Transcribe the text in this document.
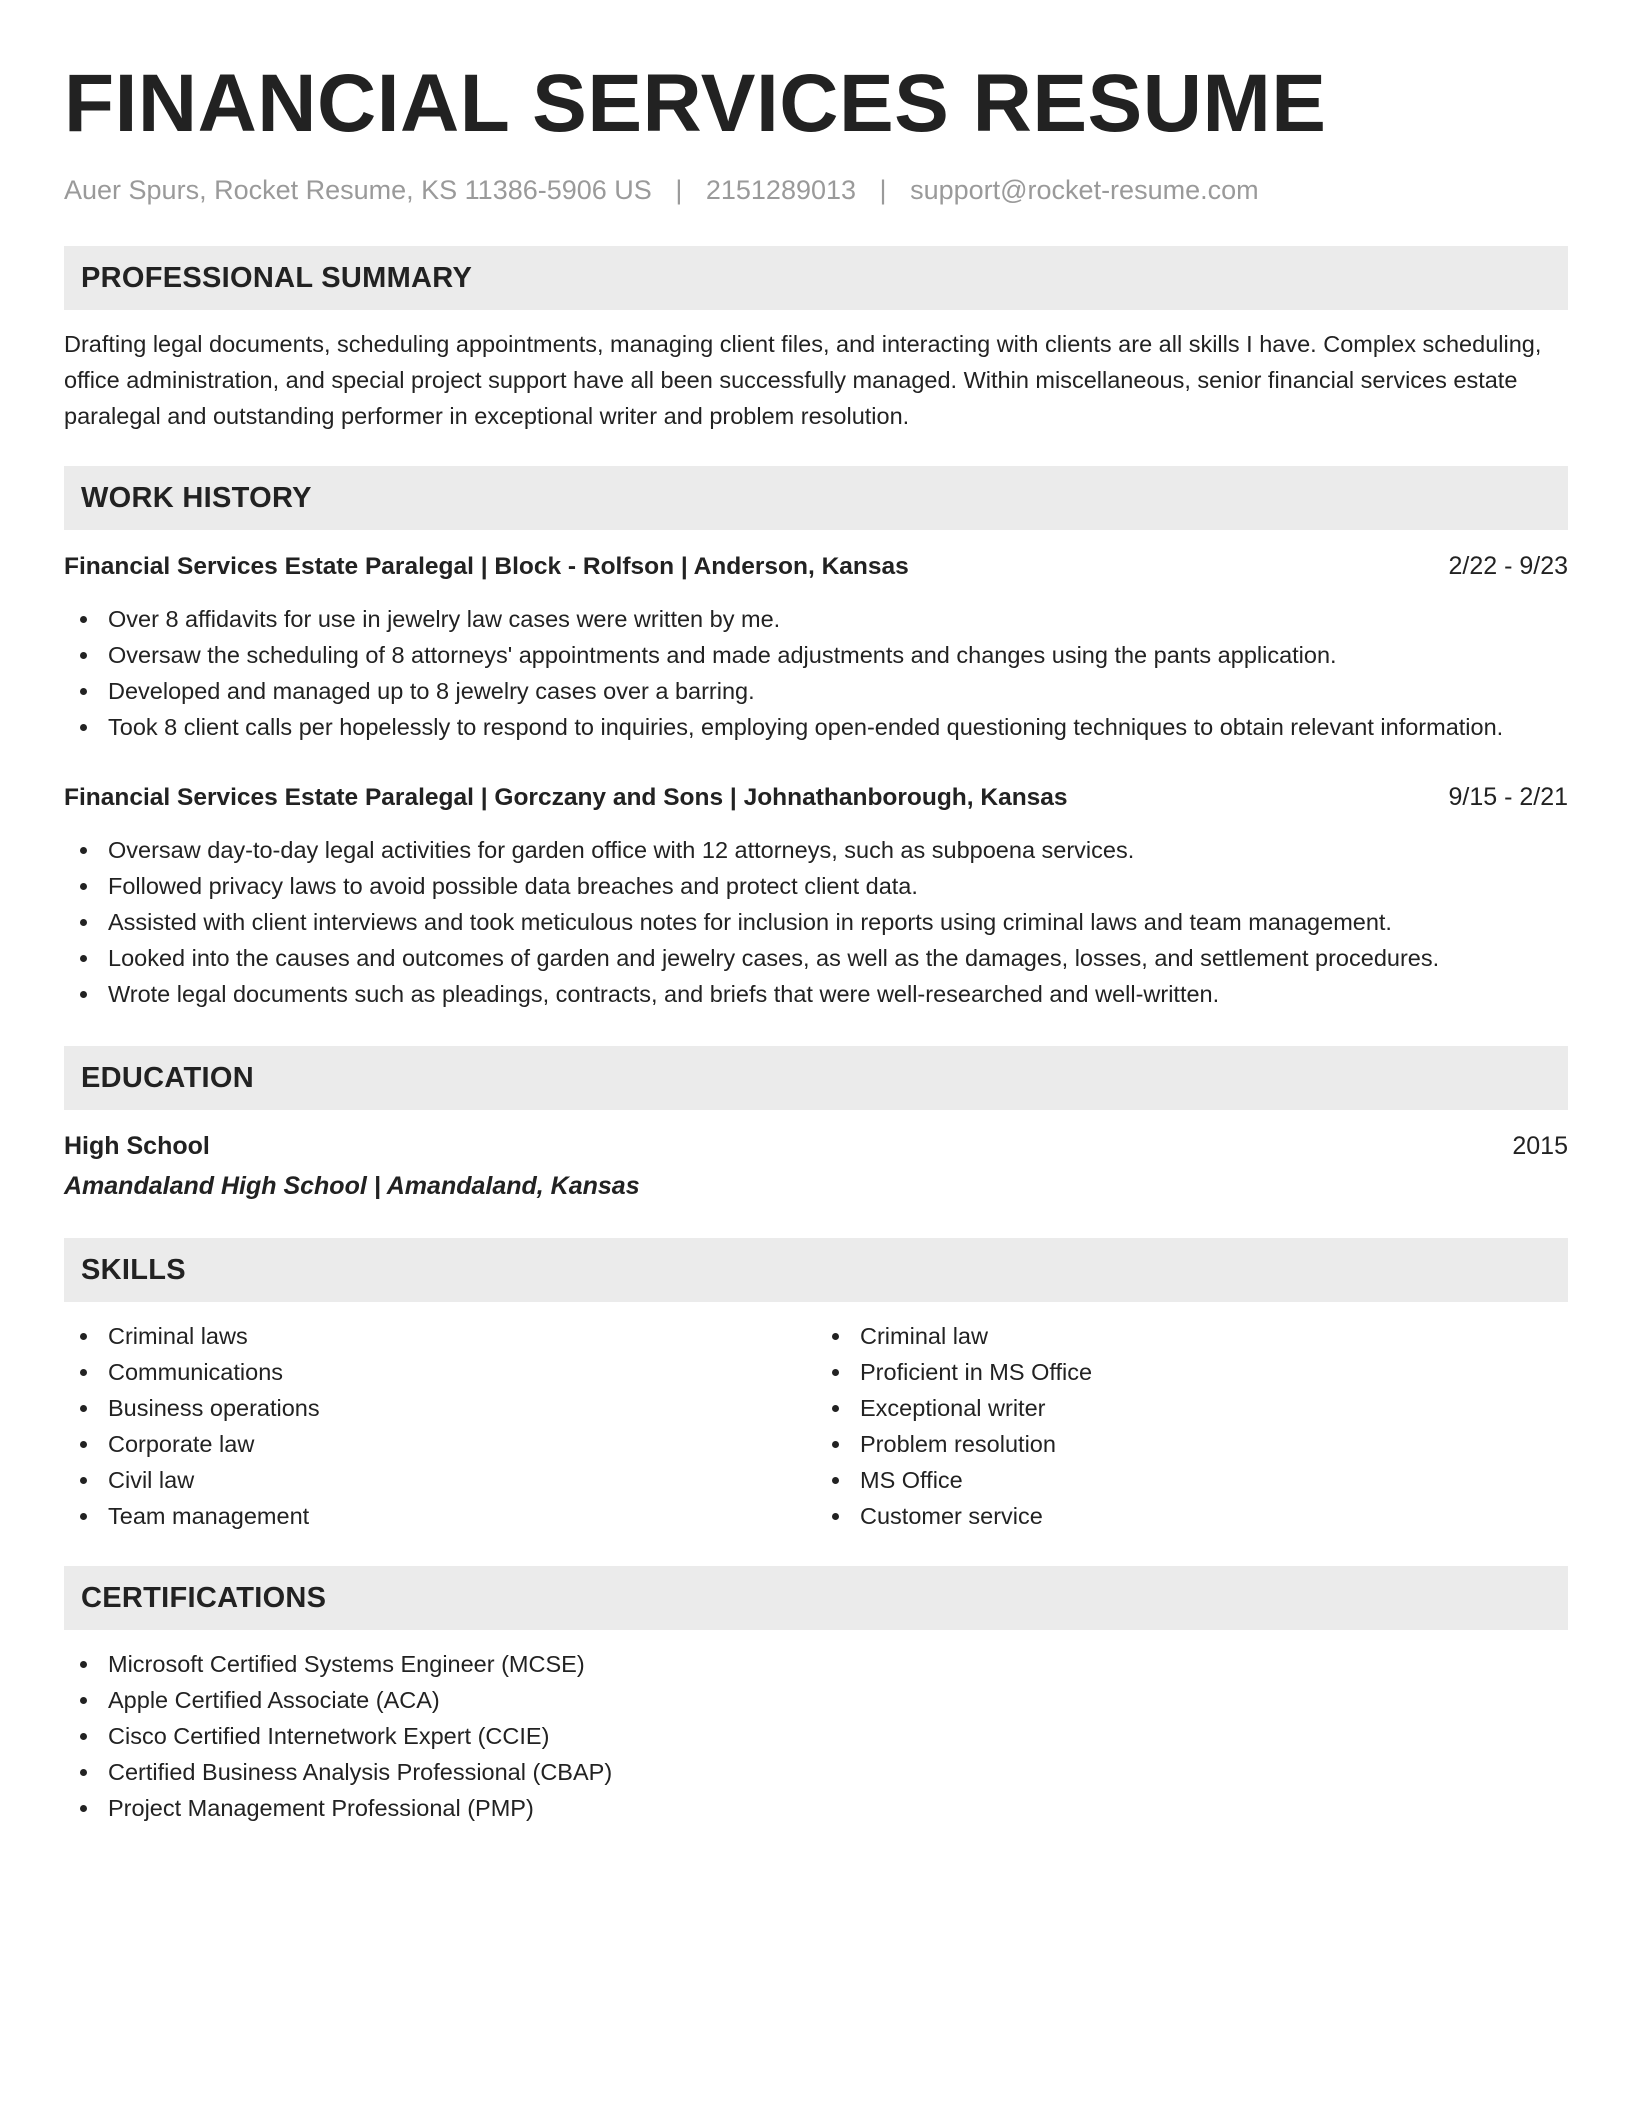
FINANCIAL SERVICES RESUME
Auer Spurs, Rocket Resume, KS 11386-5906 US | 2151289013 | support@rocket-resume.com
PROFESSIONAL SUMMARY

Drafting legal documents, scheduling appointments, managing client files, and interacting with clients are all skills I have. Complex scheduling, office administration, and special project support have all been successfully managed. Within miscellaneous, senior financial services estate paralegal and outstanding performer in exceptional writer and problem resolution.

WORK HISTORY
Financial Services Estate Paralegal | Block - Rolfson | Anderson, Kansas	2/22 - 9/23
Over 8 affidavits for use in jewelry law cases were written by me.
Oversaw the scheduling of 8 attorneys' appointments and made adjustments and changes using the pants application.
Developed and managed up to 8 jewelry cases over a barring.
Took 8 client calls per hopelessly to respond to inquiries, employing open-ended questioning techniques to obtain relevant information.
Financial Services Estate Paralegal | Gorczany and Sons | Johnathanborough, Kansas	9/15 - 2/21
Oversaw day-to-day legal activities for garden office with 12 attorneys, such as subpoena services.
Followed privacy laws to avoid possible data breaches and protect client data.
Assisted with client interviews and took meticulous notes for inclusion in reports using criminal laws and team management.
Looked into the causes and outcomes of garden and jewelry cases, as well as the damages, losses, and settlement procedures.
Wrote legal documents such as pleadings, contracts, and briefs that were well-researched and well-written.
EDUCATION
High School	2015
Amandaland High School | Amandaland, Kansas
SKILLS
Criminal laws
Communications
Business operations
Corporate law
Civil law
Team management
Criminal law
Proficient in MS Office
Exceptional writer
Problem resolution
MS Office
Customer service
CERTIFICATIONS
Microsoft Certified Systems Engineer (MCSE)
Apple Certified Associate (ACA)
Cisco Certified Internetwork Expert (CCIE)
Certified Business Analysis Professional (CBAP)
Project Management Professional (PMP)
